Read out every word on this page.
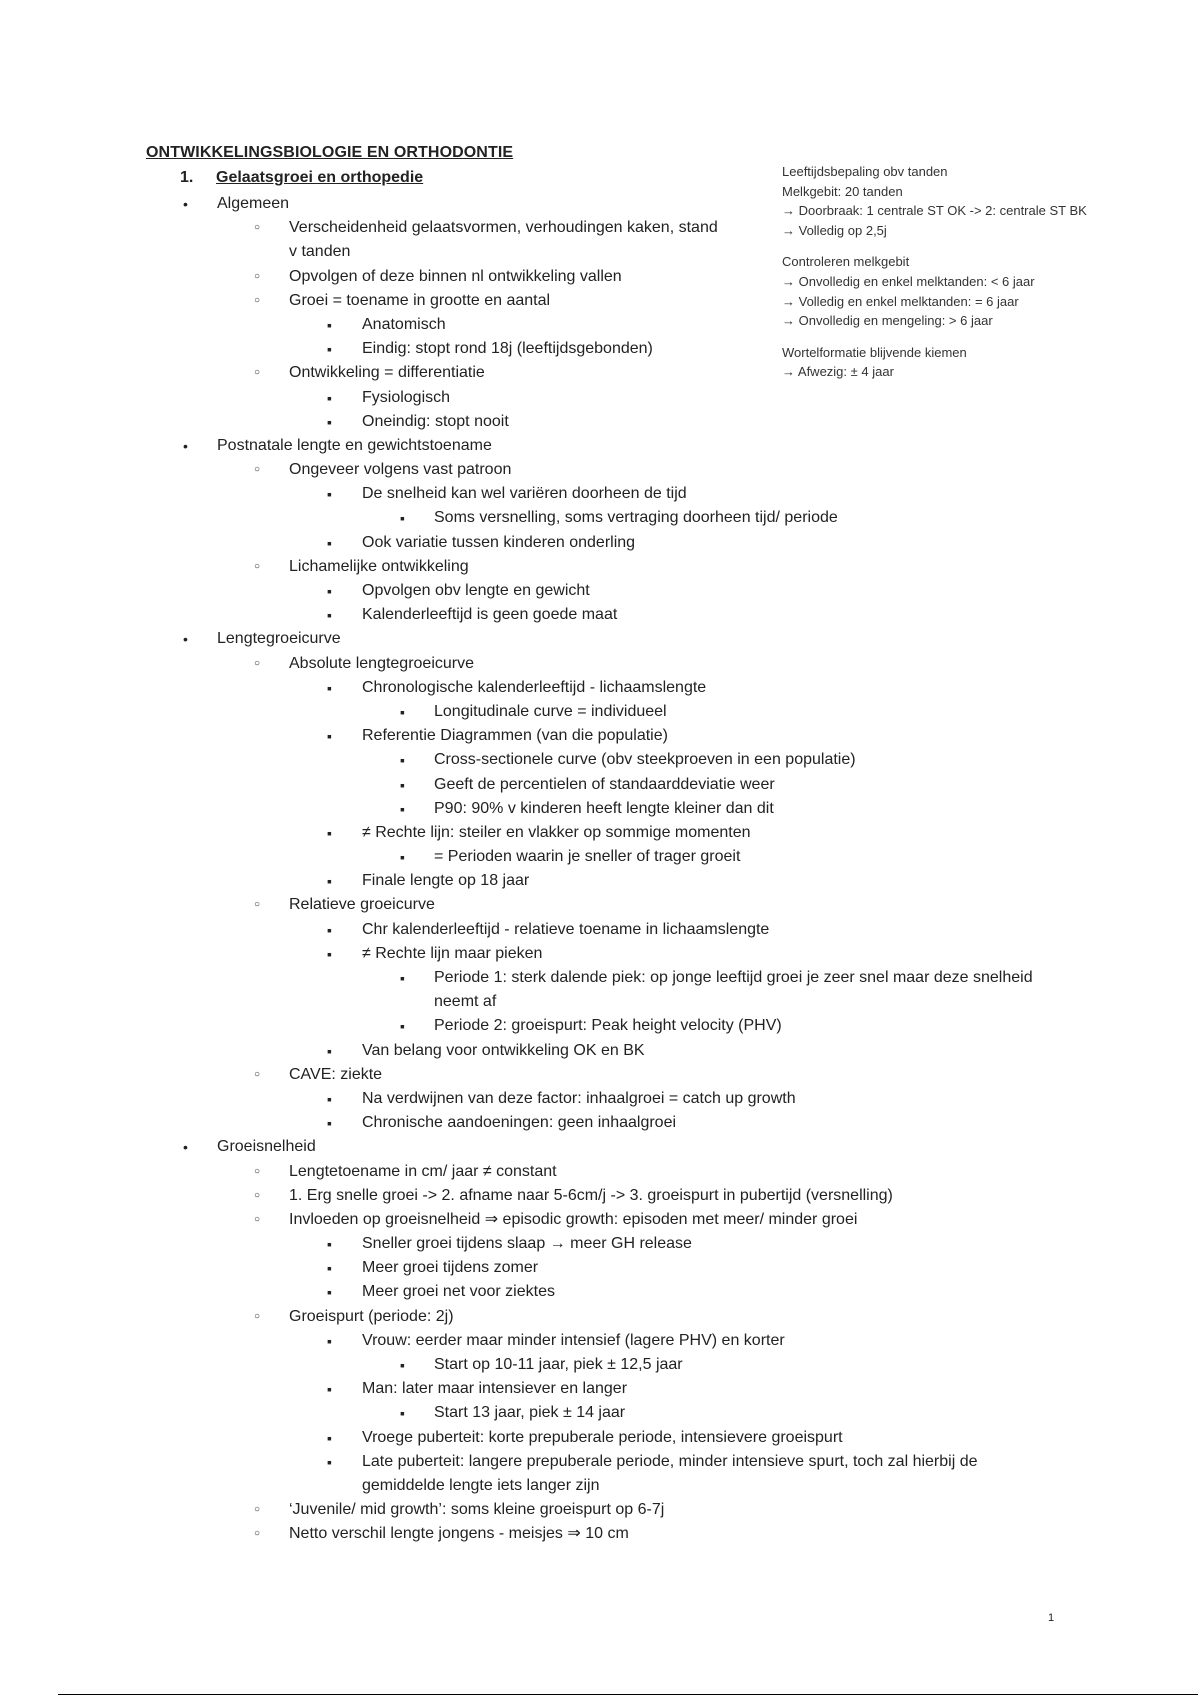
ONTWIKKELINGSBIOLOGIE EN ORTHODONTIE
1. Gelaatsgroei en orthopedie
• Algemeen
○ Verscheidenheid gelaatsvormen, verhoudingen kaken, stand v tanden
○ Opvolgen of deze binnen nl ontwikkeling vallen
○ Groei = toename in grootte en aantal
▪ Anatomisch
▪ Eindig: stopt rond 18j (leeftijdsgebonden)
○ Ontwikkeling = differentiatie
▪ Fysiologisch
▪ Oneindig: stopt nooit
• Postnatale lengte en gewichtstoename
○ Ongeveer volgens vast patroon
▪ De snelheid kan wel variëren doorheen de tijd
▪ Soms versnelling, soms vertraging doorheen tijd/ periode
▪ Ook variatie tussen kinderen onderling
○ Lichamelijke ontwikkeling
▪ Opvolgen obv lengte en gewicht
▪ Kalenderleeftijd is geen goede maat
• Lengtegroeicurve
○ Absolute lengtegroeicurve
▪ Chronologische kalenderleeftijd - lichaamslengte
▪ Longitudinale curve = individueel
▪ Referentie Diagrammen (van die populatie)
▪ Cross-sectionele curve (obv steekproeven in een populatie)
▪ Geeft de percentielen of standaarddeviatie weer
▪ P90: 90% v kinderen heeft lengte kleiner dan dit
▪ ≠ Rechte lijn: steiler en vlakker op sommige momenten
▪ = Perioden waarin je sneller of trager groeit
▪ Finale lengte op 18 jaar
○ Relatieve groeicurve
▪ Chr kalenderleeftijd - relatieve toename in lichaamslengte
▪ ≠ Rechte lijn maar pieken
▪ Periode 1: sterk dalende piek: op jonge leeftijd groei je zeer snel maar deze snelheid neemt af
▪ Periode 2: groeispurt: Peak height velocity (PHV)
▪ Van belang voor ontwikkeling OK en BK
○ CAVE: ziekte
▪ Na verdwijnen van deze factor: inhaalgroei = catch up growth
▪ Chronische aandoeningen: geen inhaalgroei
• Groeisnelheid
○ Lengtetoename in cm/ jaar ≠ constant
○ 1. Erg snelle groei -> 2. afname naar 5-6cm/j -> 3. groeispurt in pubertijd (versnelling)
○ Invloeden op groeisnelheid ⇒ episodic growth: episoden met meer/ minder groei
▪ Sneller groei tijdens slaap → meer GH release
▪ Meer groei tijdens zomer
▪ Meer groei net voor ziektes
○ Groeispurt (periode: 2j)
▪ Vrouw: eerder maar minder intensief (lagere PHV) en korter
▪ Start op 10-11 jaar, piek ± 12,5 jaar
▪ Man: later maar intensiever en langer
▪ Start 13 jaar, piek ± 14 jaar
▪ Vroege puberteit: korte prepuberale periode, intensievere groeispurt
▪ Late puberteit: langere prepuberale periode, minder intensieve spurt, toch zal hierbij de gemiddelde lengte iets langer zijn
○ ‘Juvenile/ mid growth’: soms kleine groeispurt op 6-7j
○ Netto verschil lengte jongens - meisjes ⇒ 10 cm
Leeftijdsbepaling obv tanden
Melkgebit: 20 tanden
→ Doorbraak: 1 centrale ST OK -> 2: centrale ST BK
→ Volledig op 2,5j
Controleren melkgebit
→ Onvolledig en enkel melktanden: < 6 jaar
→ Volledig en enkel melktanden: = 6 jaar
→ Onvolledig en mengeling: > 6 jaar
Wortelformatie blijvende kiemen
→ Afwezig: ± 4 jaar
1
